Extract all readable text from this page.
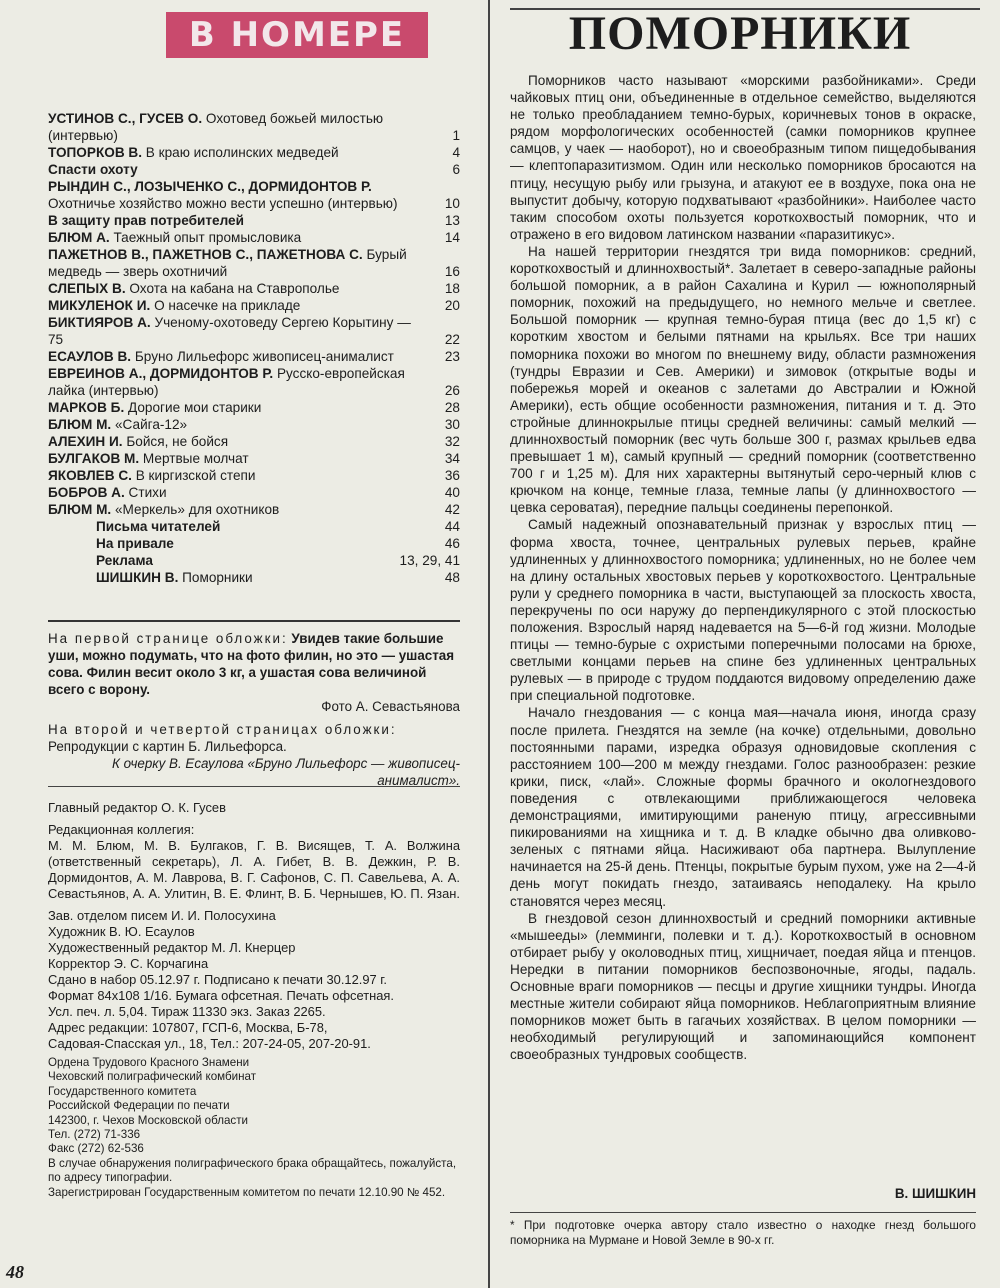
В НОМЕРЕ
УСТИНОВ С., ГУСЕВ О. Охотовед божьей милостью (интервью)	1
ТОПОРКОВ В. В краю исполинских медведей	4
Спасти охоту	6
РЫНДИН С., ЛОЗЫЧЕНКО С., ДОРМИДОНТОВ Р. Охотничье хозяйство можно вести успешно (интервью)	10
В защиту прав потребителей	13
БЛЮМ А. Таежный опыт промысловика	14
ПАЖЕТНОВ В., ПАЖЕТНОВ С., ПАЖЕТНОВА С. Бурый медведь — зверь охотничий	16
СЛЕПЫХ В. Охота на кабана на Ставрополье	18
МИКУЛЕНОК И. О насечке на прикладе	20
БИКТИЯРОВ А. Ученому-охотоведу Сергею Корытину — 75	22
ЕСАУЛОВ В. Бруно Лильефорс живописец-анималист	23
ЕВРЕИНОВ А., ДОРМИДОНТОВ Р. Русско-европейская лайка (интервью)	26
МАРКОВ Б. Дорогие мои старики	28
БЛЮМ М. «Сайга-12»	30
АЛЕХИН И. Бойся, не бойся	32
БУЛГАКОВ М. Мертвые молчат	34
ЯКОВЛЕВ С. В киргизской степи	36
БОБРОВ А. Стихи	40
БЛЮМ М. «Меркель» для охотников	42
Письма читателей	44
На привале	46
Реклама	13, 29, 41
ШИШКИН В. Поморники	48
На первой странице обложки: Увидев такие большие уши, можно подумать, что на фото филин, но это — ушастая сова. Филин весит около 3 кг, а ушастая сова величиной всего с ворону.
Фото А. Севастьянова
На второй и четвертой страницах обложки: Репродукции с картин Б. Лильефорса.
К очерку В. Есаулова «Бруно Лильефорс — живописец-анималист».
Главный редактор О. К. Гусев
Редакционная коллегия:
М. М. Блюм, М. В. Булгаков, Г. В. Висящев, Т. А. Волжина (ответственный секретарь), Л. А. Гибет, В. В. Дежкин, Р. В. Дормидонтов, А. М. Лаврова, В. Г. Сафонов, С. П. Савельева, А. А. Севастьянов, А. А. Улитин, В. Е. Флинт, В. Б. Чернышев, Ю. П. Язан.
Зав. отделом писем И. И. Полосухина
Художник В. Ю. Есаулов
Художественный редактор М. Л. Кнерцер
Корректор Э. С. Корчагина
Сдано в набор 05.12.97 г. Подписано к печати 30.12.97 г.
Формат 84x108 1/16. Бумага офсетная. Печать офсетная.
Усл. печ. л. 5,04. Тираж 11330 экз. Заказ 2265.
Адрес редакции: 107807, ГСП-6, Москва, Б-78,
Садовая-Спасская ул., 18, Тел.: 207-24-05, 207-20-91.
Ордена Трудового Красного Знамени
Чеховский полиграфический комбинат
Государственного комитета
Российской Федерации по печати
142300, г. Чехов Московской области
Тел. (272) 71-336
Факс (272) 62-536
В случае обнаружения полиграфического брака обращайтесь, пожалуйста, по адресу типографии.
Зарегистрирован Государственным комитетом по печати 12.10.90 № 452.
48
ПОМОРНИКИ

Поморников часто называют «морскими разбойниками». Среди чайковых птиц они, объединенные в отдельное семейство, выделяются не только преобладанием темно-бурых, коричневых тонов в окраске, рядом морфологических особенностей (самки поморников крупнее самцов, у чаек — наоборот), но и своеобразным типом пищедобывания — клептопаразитизмом. Один или несколько поморников бросаются на птицу, несущую рыбу или грызуна, и атакуют ее в воздухе, пока она не выпустит добычу, которую подхватывают «разбойники». Наиболее часто таким способом охоты пользуется короткохвостый поморник, что и отражено в его видовом латинском названии «паразитикус».

На нашей территории гнездятся три вида поморников: средний, короткохвостый и длиннохвостый*. Залетает в северо-западные районы большой поморник, а в район Сахалина и Курил — южнополярный поморник, похожий на предыдущего, но немного мельче и светлее. Большой поморник — крупная темно-бурая птица (вес до 1,5 кг) с коротким хвостом и белыми пятнами на крыльях. Все три наших поморника похожи во многом по внешнему виду, области размножения (тундры Евразии и Сев. Америки) и зимовок (открытые воды и побережья морей и океанов с залетами до Австралии и Южной Америки), есть общие особенности размножения, питания и т. д. Это стройные длиннокрылые птицы средней величины: самый мелкий — длиннохвостый поморник (вес чуть больше 300 г, размах крыльев едва превышает 1 м), самый крупный — средний поморник (соответственно 700 г и 1,25 м). Для них характерны вытянутый серо-черный клюв с крючком на конце, темные глаза, темные лапы (у длиннохвостого — цевка сероватая), передние пальцы соединены перепонкой.

Самый надежный опознавательный признак у взрослых птиц — форма хвоста, точнее, центральных рулевых перьев, крайне удлиненных у длиннохвостого поморника; удлиненных, но не более чем на длину остальных хвостовых перьев у короткохвостого. Центральные рули у среднего поморника в части, выступающей за плоскость хвоста, перекручены по оси наружу до перпендикулярного с этой плоскостью положения. Взрослый наряд надевается на 5—6-й год жизни. Молодые птицы — темно-бурые с охристыми поперечными полосами на брюхе, светлыми концами перьев на спине без удлиненных центральных рулевых — в природе с трудом поддаются видовому определению даже при специальной подготовке.

Начало гнездования — с конца мая—начала июня, иногда сразу после прилета. Гнездятся на земле (на кочке) отдельными, довольно постоянными парами, изредка образуя одновидовые скопления с расстоянием 100—200 м между гнездами. Голос разнообразен: резкие крики, писк, «лай». Сложные формы брачного и окологнездового поведения с отвлекающими приближающегося человека демонстрациями, имитирующими раненую птицу, агрессивными пикированиями на хищника и т. д. В кладке обычно два оливково-зеленых с пятнами яйца. Насиживают оба партнера. Вылупление начинается на 25-й день. Птенцы, покрытые бурым пухом, уже на 2—4-й день могут покидать гнездо, затаиваясь неподалеку. На крыло становятся через месяц.

В гнездовой сезон длиннохвостый и средний поморники активные «мышееды» (лемминги, полевки и т. д.). Короткохвостый в основном отбирает рыбу у околоводных птиц, хищничает, поедая яйца и птенцов. Нередки в питании поморников беспозвоночные, ягоды, падаль. Основные враги поморников — песцы и другие хищники тундры. Иногда местные жители собирают яйца поморников. Неблагоприятным влияние поморников может быть в гагачьих хозяйствах. В целом поморники — необходимый регулирующий и запоминающийся компонент своеобразных тундровых сообществ.

В. ШИШКИН
* При подготовке очерка автору стало известно о находке гнезд большого поморника на Мурмане и Новой Земле в 90-х гг.
